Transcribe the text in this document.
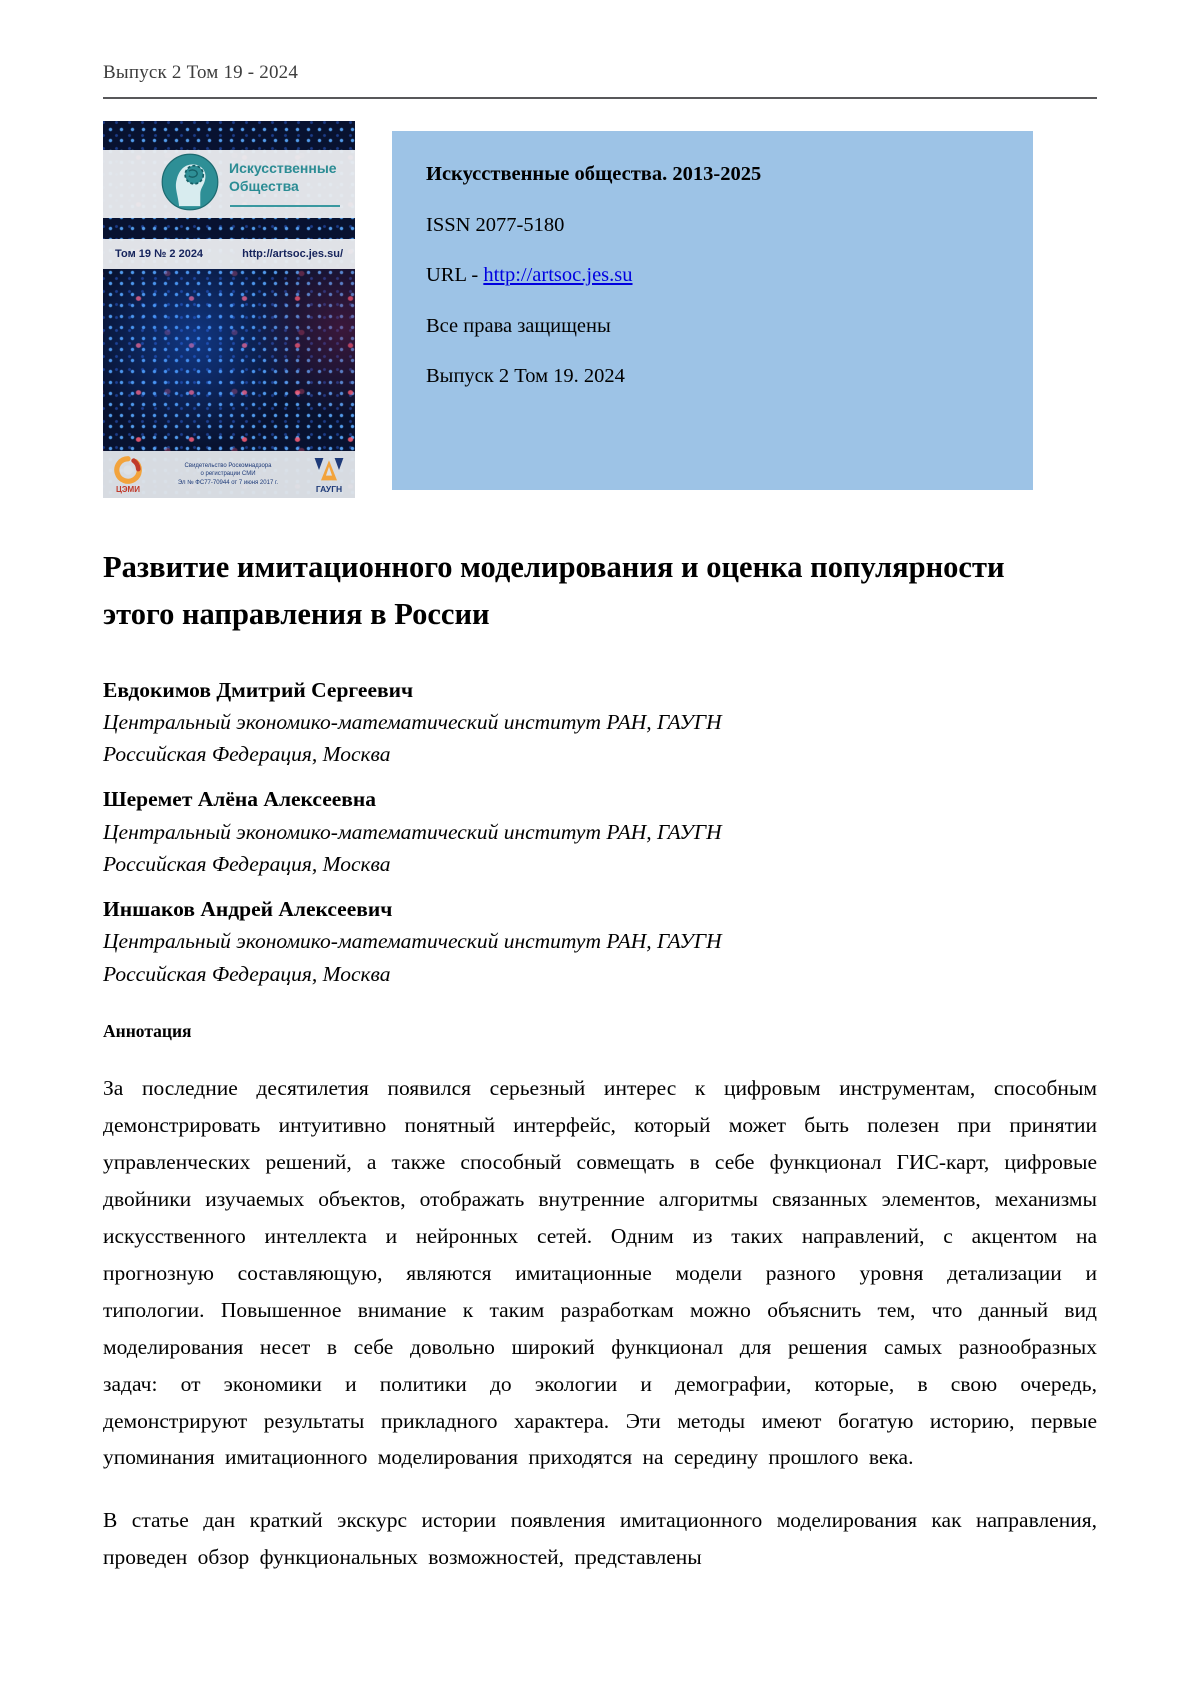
Выпуск 2 Том 19 - 2024
Искусственные
Общества
Том 19 № 2 2024	http://artsoc.jes.su/
ЦЭМИ
Свидетельство Роскомнадзора
о регистрации СМИ
Эл № ФС77-70944 от 7 июня 2017 г.
ГАУГН
Искусственные общества. 2013-2025
ISSN 2077-5180
URL - http://artsoc.jes.su
Все права защищены
Выпуск 2 Том 19. 2024
Развитие имитационного моделирования и оценка популярности этого направления в России
Евдокимов Дмитрий Сергеевич
Центральный экономико-математический институт РАН, ГАУГН
Российская Федерация, Москва
Шеремет Алёна Алексеевна
Центральный экономико-математический институт РАН, ГАУГН
Российская Федерация, Москва
Иншаков Андрей Алексеевич
Центральный экономико-математический институт РАН, ГАУГН
Российская Федерация, Москва
Аннотация

За последние десятилетия появился серьезный интерес к цифровым инструментам, способным демонстрировать интуитивно понятный интерфейс, который может быть полезен при принятии управленческих решений, а также способный совмещать в себе функционал ГИС-карт, цифровые двойники изучаемых объектов, отображать внутренние алгоритмы связанных элементов, механизмы искусственного интеллекта и нейронных сетей. Одним из таких направлений, с акцентом на прогнозную составляющую, являются имитационные модели разного уровня детализации и типологии. Повышенное внимание к таким разработкам можно объяснить тем, что данный вид моделирования несет в себе довольно широкий функционал для решения самых разнообразных задач: от экономики и политики до экологии и демографии, которые, в свою очередь, демонстрируют результаты прикладного характера. Эти методы имеют богатую историю, первые упоминания имитационного моделирования приходятся на середину прошлого века.

В статье дан краткий экскурс истории появления имитационного моделирования как направления, проведен обзор функциональных возможностей, представлены
